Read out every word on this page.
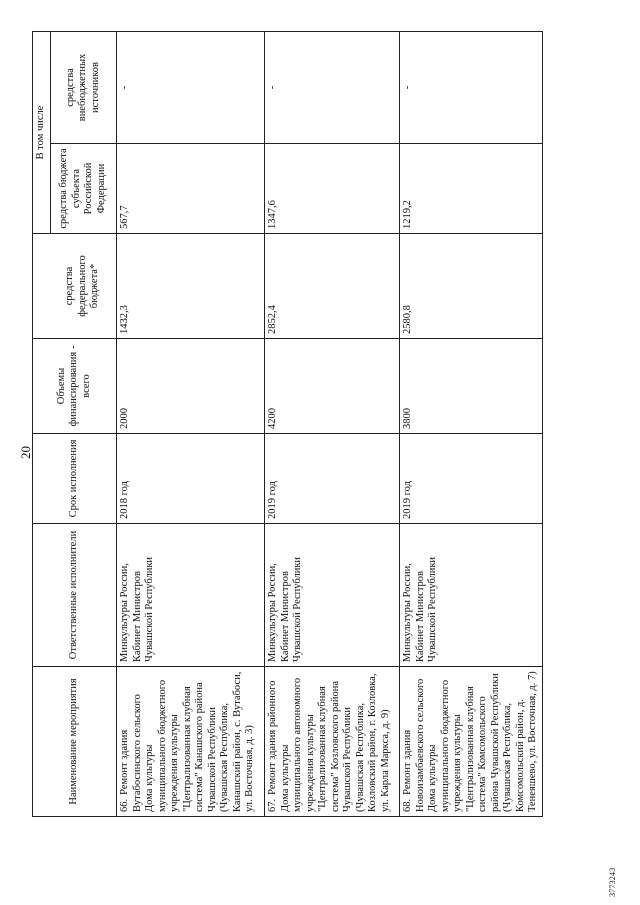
20
Наименование мероприятия	Ответственные исполнители	Срок исполнения	Объемы финансирования - всего		В том числе	
				средства федерального бюджета*	средства бюджета субъекта Российской Федерации	средства внебюджетных источников
66.Ремонт здания Вутабосинского сельского Дома культуры муниципального бюджетного учреждения культуры "Централизованная клубная система" Канашского района Чувашской Республики (Чувашская Республика, Канашский район, с. Вутабоси, ул. Восточная, д. 3)	Минкультуры России, Кабинет Министров Чувашской Республики	2018 год	2000	1432,3	567,7	-
67.Ремонт здания районного Дома культуры муниципального автономного учреждения культуры "Централизованная клубная система" Козловского района Чувашской Республики (Чувашская Республика, Козловский район, г. Козловка, ул. Карла Маркса, д. 9)	Минкультуры России, Кабинет Министров Чувашской Республики	2019 год	4200	2852,4	1347,6	-
68.Ремонт здания Новоизамбаевского сельского Дома культуры муниципального бюджетного учреждения культуры "Централизованная клубная система" Комсомольского района Чувашской Республики (Чувашская Республика, Комсомольский район, д. Тенеяшево, ул. Восточная, д. 7)	Минкультуры России, Кабинет Министров Чувашской Республики	2019 год	3800	2580,8	1219,2	-
3773243
